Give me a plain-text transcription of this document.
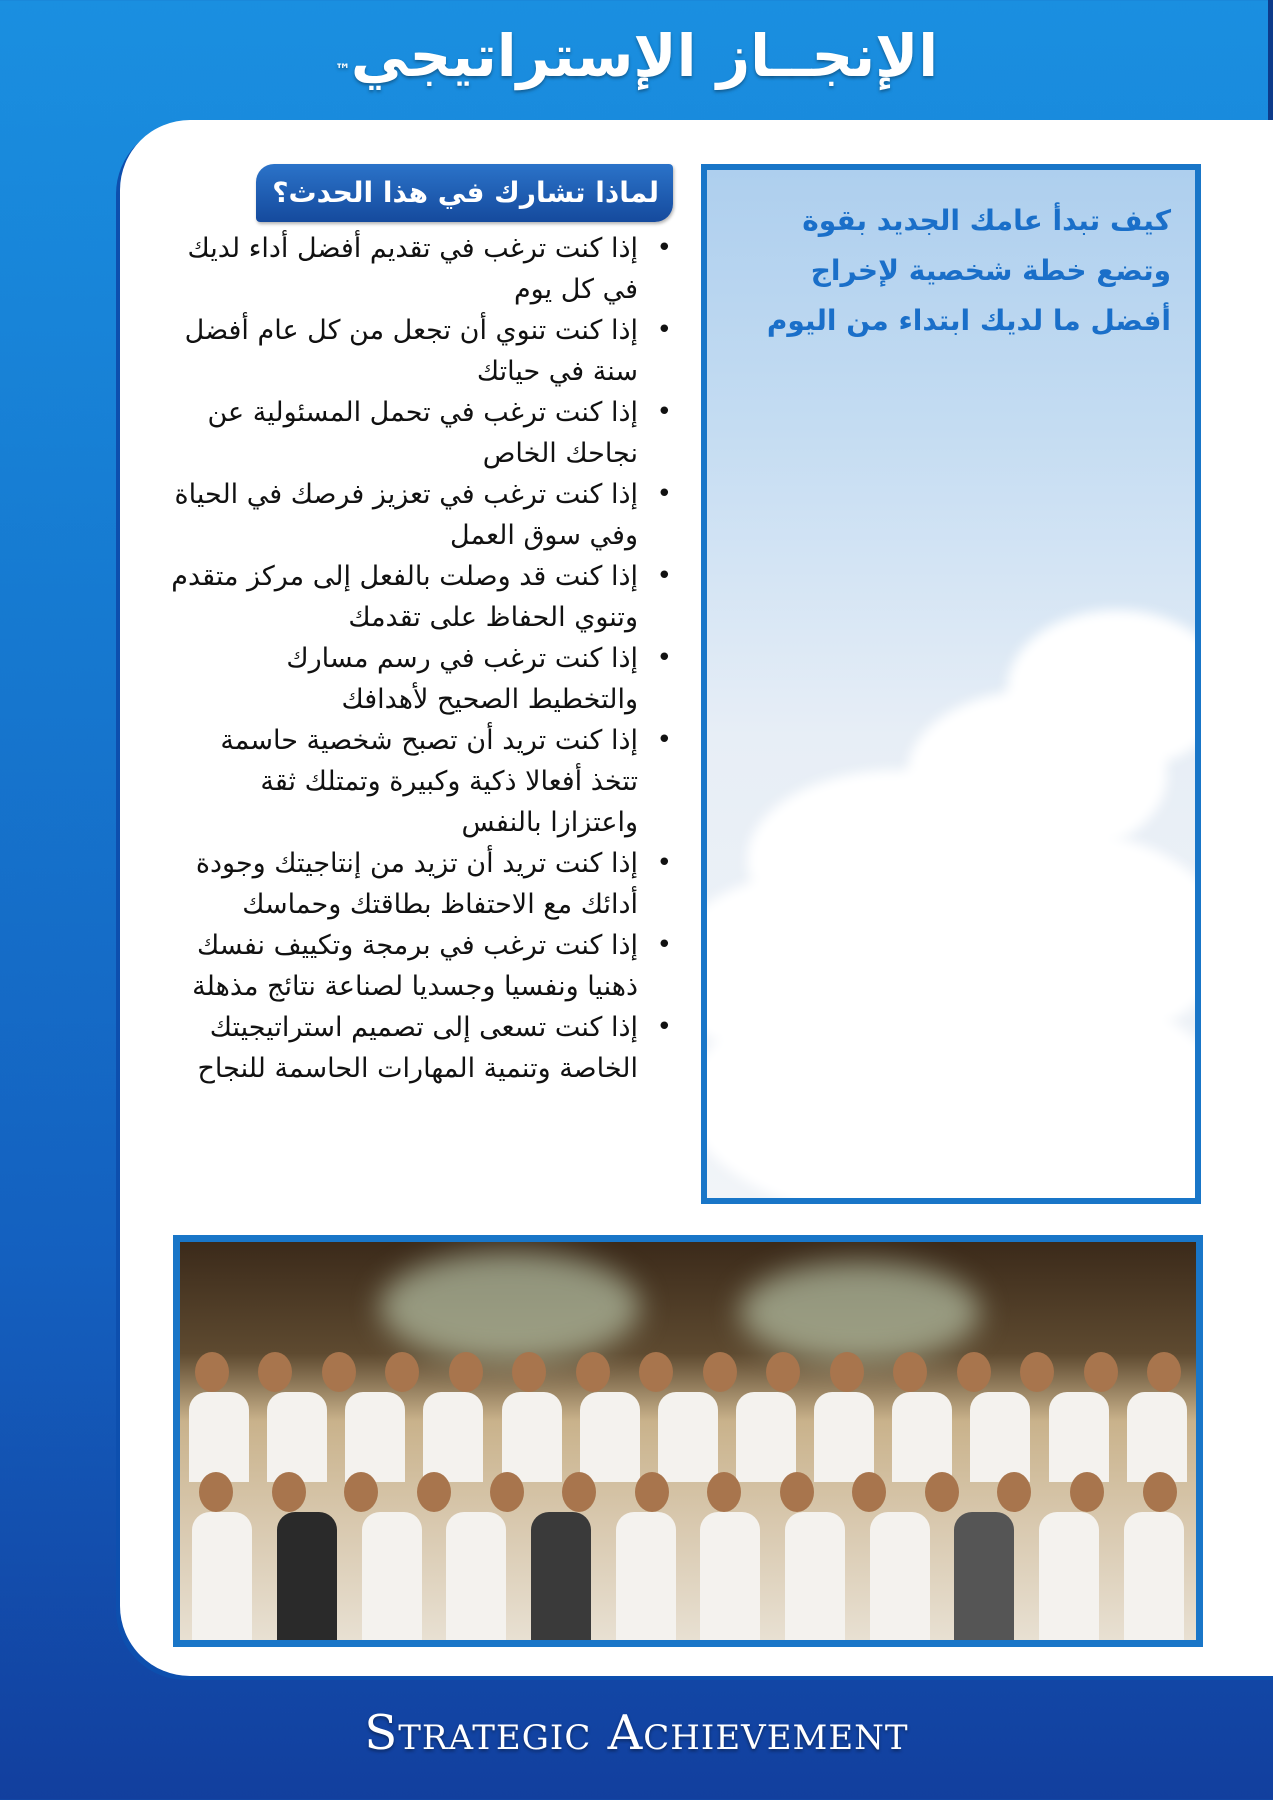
الإنجــاز الإستراتيجي™
كيف تبدأ عامك الجديد بقوة وتضع خطة شخصية لإخراج أفضل ما لديك ابتداء من اليوم
لماذا تشارك في هذا الحدث؟
• إذا كنت ترغب في تقديم أفضل أداء لديك في كل يوم
• إذا كنت تنوي أن تجعل من كل عام أفضل سنة في حياتك
• إذا كنت ترغب في تحمل المسئولية عن نجاحك الخاص
• إذا كنت ترغب في تعزيز فرصك في الحياة وفي سوق العمل
• إذا كنت قد وصلت بالفعل إلى مركز متقدم وتنوي الحفاظ على تقدمك
• إذا كنت ترغب في رسم مسارك والتخطيط الصحيح لأهدافك
• إذا كنت تريد أن تصبح شخصية حاسمة تتخذ أفعالا ذكية وكبيرة وتمتلك ثقة واعتزازا بالنفس
• إذا كنت تريد أن تزيد من إنتاجيتك وجودة أدائك مع الاحتفاظ بطاقتك وحماسك
• إذا كنت ترغب في برمجة وتكييف نفسك ذهنيا ونفسيا وجسديا لصناعة نتائج مذهلة
• إذا كنت تسعى إلى تصميم استراتيجيتك الخاصة وتنمية المهارات الحاسمة للنجاح
Strategic Achievement
